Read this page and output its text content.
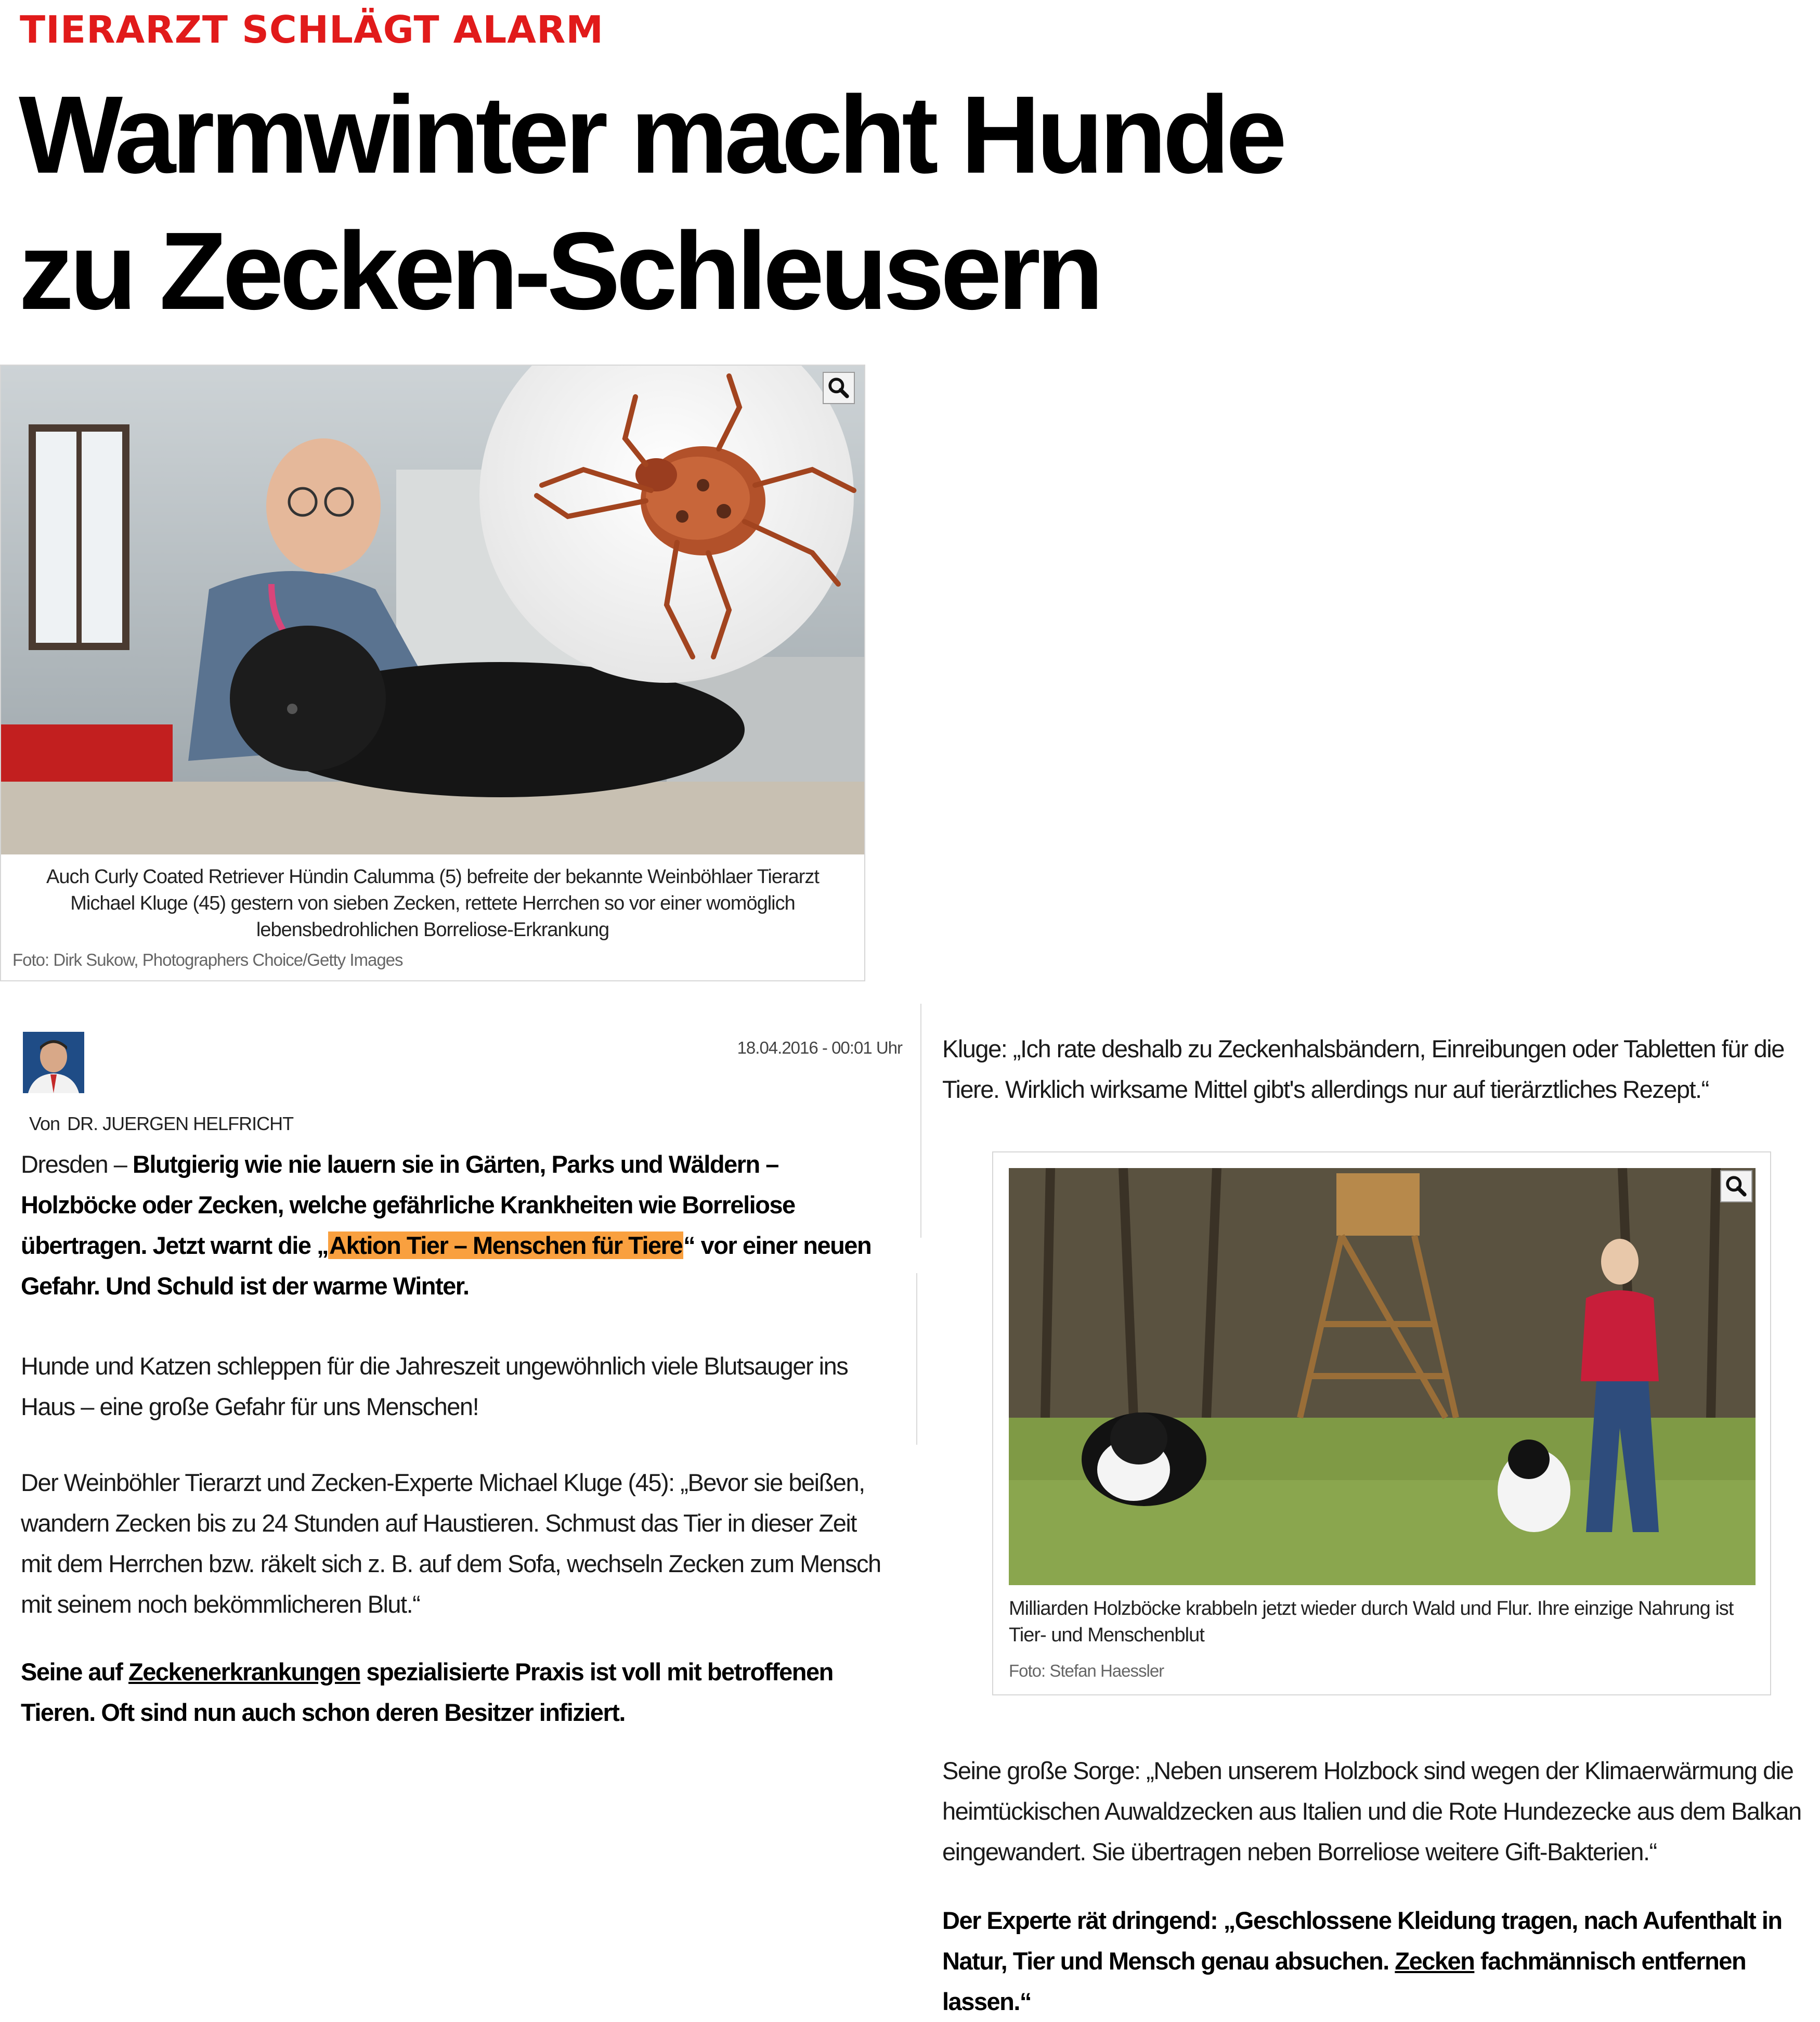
TIERARZT SCHLÄGT ALARM
Warmwinter macht Hunde
zu Zecken-Schleusern
Auch Curly Coated Retriever Hündin Calumma (5) befreite der bekannte Weinböhlaer Tierarzt Michael Kluge (45) gestern von sieben Zecken, rettete Herrchen so vor einer womöglich lebensbedrohlichen Borreliose-Erkrankung
Foto: Dirk Sukow, Photographers Choice/Getty Images
18.04.2016 - 00:01 Uhr
Von DR. JUERGEN HELFRICHT

Dresden – Blutgierig wie nie lauern sie in Gärten, Parks und Wäldern – Holzböcke oder Zecken, welche gefährliche Krankheiten wie Borreliose übertragen. Jetzt warnt die „Aktion Tier – Menschen für Tiere“ vor einer neuen Gefahr. Und Schuld ist der warme Winter.

Hunde und Katzen schleppen für die Jahreszeit ungewöhnlich viele Blutsauger ins Haus – eine große Gefahr für uns Menschen!

Der Weinböhler Tierarzt und Zecken-Experte Michael Kluge (45): „Bevor sie beißen, wandern Zecken bis zu 24 Stunden auf Haustieren. Schmust das Tier in dieser Zeit mit dem Herrchen bzw. räkelt sich z. B. auf dem Sofa, wechseln Zecken zum Mensch mit seinem noch bekömmlicheren Blut.“

Seine auf Zeckenerkrankungen spezialisierte Praxis ist voll mit betroffenen Tieren. Oft sind nun auch schon deren Besitzer infiziert.

Kluge: „Ich rate deshalb zu Zeckenhalsbändern, Einreibungen oder Tabletten für die Tiere. Wirklich wirksame Mittel gibt's allerdings nur auf tierärztliches Rezept.“

Milliarden Holzböcke krabbeln jetzt wieder durch Wald und Flur. Ihre einzige Nahrung ist Tier- und Menschenblut
Foto: Stefan Haessler

Seine große Sorge: „Neben unserem Holzbock sind wegen der Klimaerwärmung die heimtückischen Auwaldzecken aus Italien und die Rote Hundezecke aus dem Balkan eingewandert. Sie übertragen neben Borreliose weitere Gift-Bakterien.“

Der Experte rät dringend: „Geschlossene Kleidung tragen, nach Aufenthalt in Natur, Tier und Mensch genau absuchen. Zecken fachmännisch entfernen lassen.“
